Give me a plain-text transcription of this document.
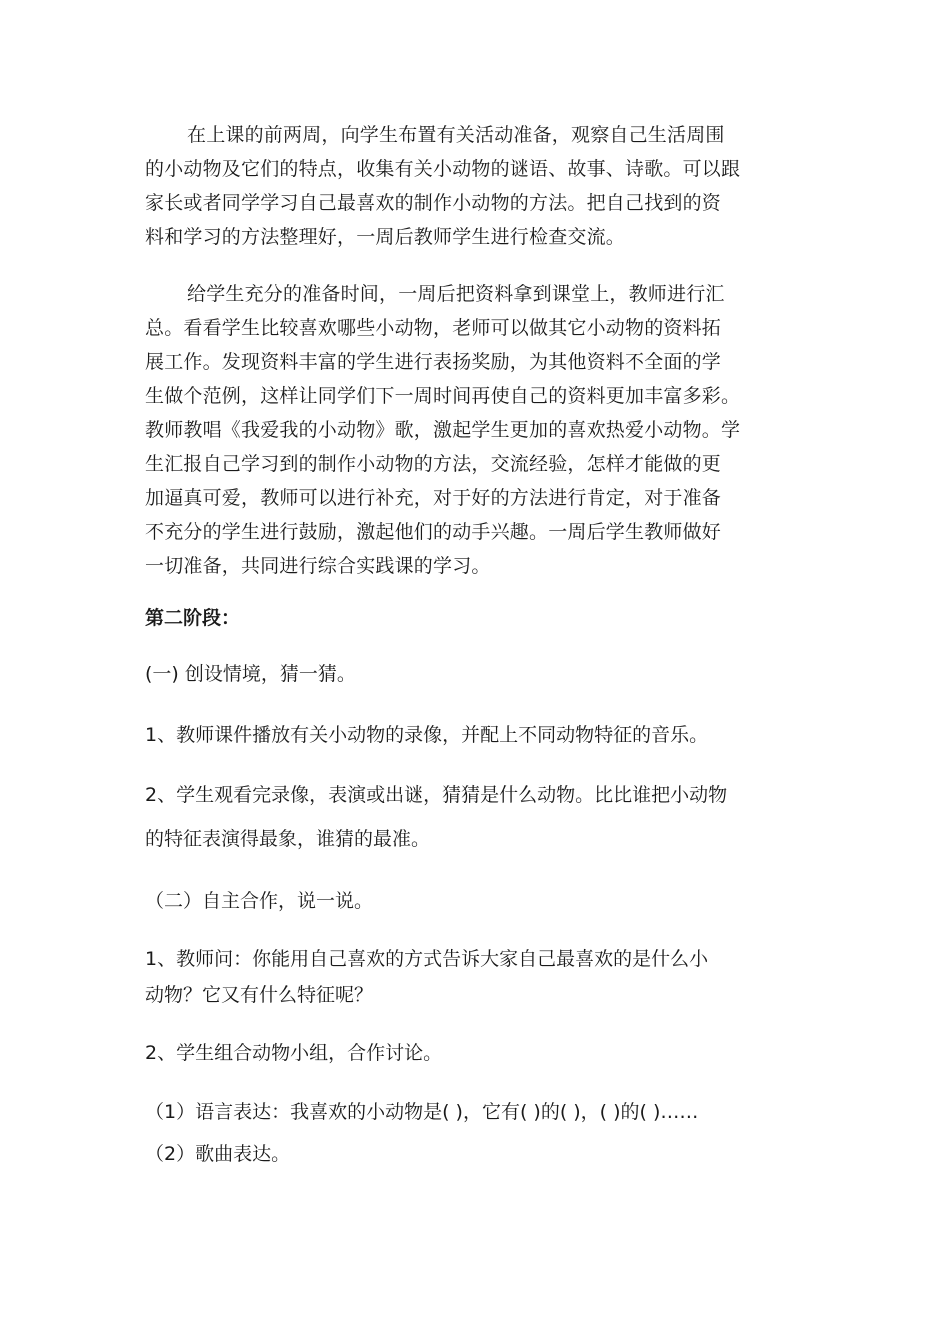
在上课的前两周，向学生布置有关活动准备，观察自己生活周围
的小动物及它们的特点，收集有关小动物的谜语、故事、诗歌。可以跟
家长或者同学学习自己最喜欢的制作小动物的方法。把自己找到的资
料和学习的方法整理好，一周后教师学生进行检查交流。
给学生充分的准备时间，一周后把资料拿到课堂上，教师进行汇
总。看看学生比较喜欢哪些小动物，老师可以做其它小动物的资料拓
展工作。发现资料丰富的学生进行表扬奖励，为其他资料不全面的学
生做个范例，这样让同学们下一周时间再使自己的资料更加丰富多彩。
教师教唱《我爱我的小动物》歌，激起学生更加的喜欢热爱小动物。学
生汇报自己学习到的制作小动物的方法，交流经验，怎样才能做的更
加逼真可爱，教师可以进行补充，对于好的方法进行肯定，对于准备
不充分的学生进行鼓励，激起他们的动手兴趣。一周后学生教师做好
一切准备，共同进行综合实践课的学习。
第二阶段：
(一) 创设情境，猜一猜。
1、教师课件播放有关小动物的录像，并配上不同动物特征的音乐。
2、学生观看完录像，表演或出谜，猜猜是什么动物。比比谁把小动物
的特征表演得最象，谁猜的最准。
（二）自主合作，说一说。
1、教师问：你能用自己喜欢的方式告诉大家自己最喜欢的是什么小
动物？它又有什么特征呢？
2、学生组合动物小组，合作讨论。
（1）语言表达：我喜欢的小动物是( )，它有( )的( )，( )的( )……
（2）歌曲表达。
